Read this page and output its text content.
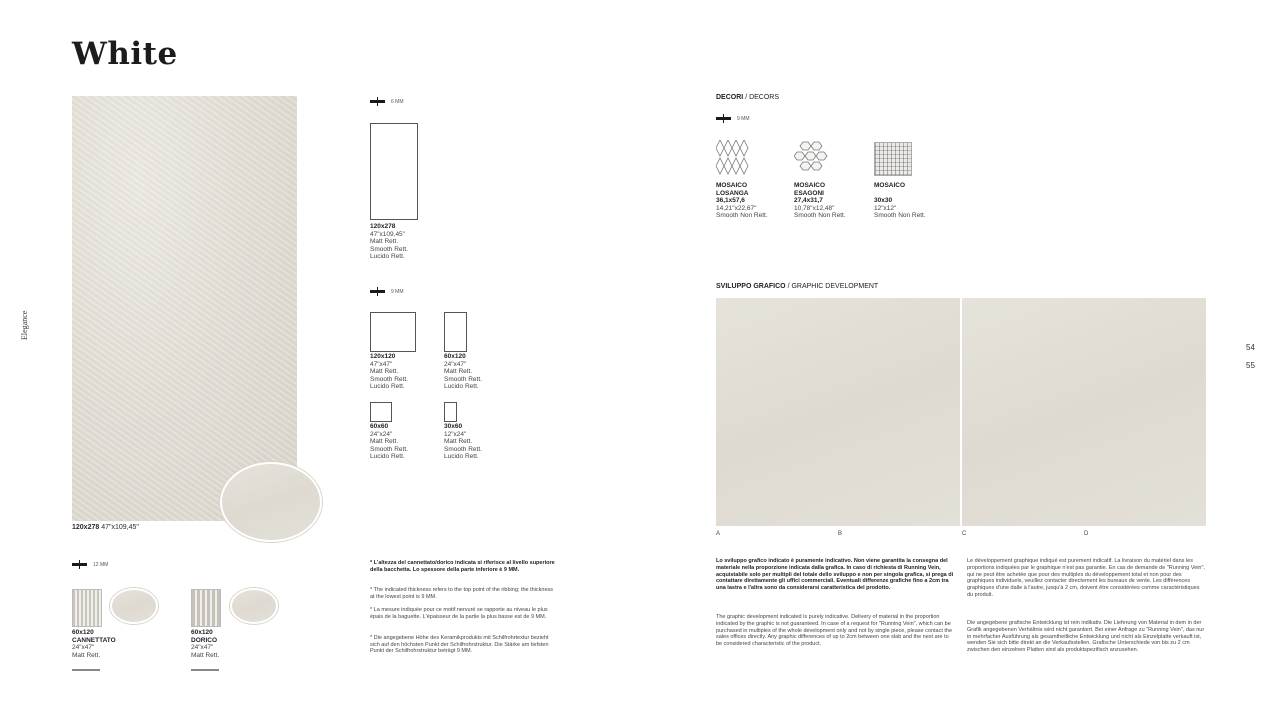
White
Elegance
54
55
120x278 47"x109,45"
12 MM
60x120
CANNETTATO
24"x47"
Matt Rett.
60x120
DORICO
24"x47"
Matt Rett.
6 MM
120x278
47"x109,45"
Matt Rett.
Smooth Rett.
Lucido Rett.
9 MM
120x120
47"x47"
Matt Rett.
Smooth Rett.
Lucido Rett.
60x120
24"x47"
Matt Rett.
Smooth Rett.
Lucido Rett.
60x60
24"x24"
Matt Rett.
Smooth Rett.
Lucido Rett.
30x60
12"x24"
Matt Rett.
Smooth Rett.
Lucido Rett.
* L'altezza del cannettato/dorico indicata si riferisce al livello superiore della bacchetta. Lo spessore della parte inferiore è 9 MM.
* The indicated thickness refers to the top point of the ribbing; the thickness at the lowest point is 9 MM.
* La mesure indiquée pour ce motif nervuré se rapporte au niveau le plus épais de la baguette. L'épaisseur de la partie la plus basse est de 9 MM.
* Die angegebene Höhe des Keramikprodukts mit Schilfrohrtextur bezieht sich auf den höchsten Punkt der Schilfrohrstruktur. Die Stärke am tiefsten Punkt der Schilfrohrstruktur beträgt 9 MM.
DECORI / DECORS
9 MM
MOSAICO
LOSANGA
36,1x57,6
14,21"x22,67"
Smooth Non Rett.
MOSAICO
ESAGONI
27,4x31,7
10,78"x12,48"
Smooth Non Rett.
MOSAICO
30x30
12"x12"
Smooth Non Rett.
SVILUPPO GRAFICO / GRAPHIC DEVELOPMENT
A	B	C	D
Lo sviluppo grafico indicato è puramente indicativo. Non viene garantita la consegna del materiale nella proporzione indicata dalla grafica. In caso di richiesta di Running Vein, acquistabile solo per multipli del totale dello sviluppo e non per singola grafica, si prega di contattare direttamente gli uffici commerciali. Eventuali differenze grafiche fino a 2cm tra una lastra e l'altra sono da considerarsi caratteristica del prodotto.
The graphic development indicated is purely indicative. Delivery of material in the proportion indicated by the graphic is not guaranteed. In case of a request for "Running Vein", which can be purchased in multiples of the whole development only and not by single piece, please contact the sales offices directly. Any graphic differences of up to 2cm between one slab and the next are to be considered characteristic of the product.
Le développement graphique indiqué est purement indicatif. La livraison du matériel dans les proportions indiquées par le graphique n'est pas garantie. En cas de demande de "Running Vein", qui ne peut être achetée que pour des multiples du développement total et non pour des graphiques individuels, veuillez contacter directement les bureaux de vente. Les différences graphiques d'une dalle à l'autre, jusqu'à 2 cm, doivent être considérées comme caractéristiques du produit.
Die angegebene grafische Entwicklung ist rein indikativ. Die Lieferung von Material in dem in der Grafik angegebenen Verhältnis wird nicht garantiert. Bei einer Anfrage zu "Running Vein", das nur in mehrfacher Ausführung als gesamtheitliche Entwicklung und nicht als Einzelplatte verkauft ist, wenden Sie sich bitte direkt an die Verkaufsstellen. Grafische Unterschiede von bis zu 2 cm zwischen den einzelnen Platten sind als produktspezifisch anzusehen.
